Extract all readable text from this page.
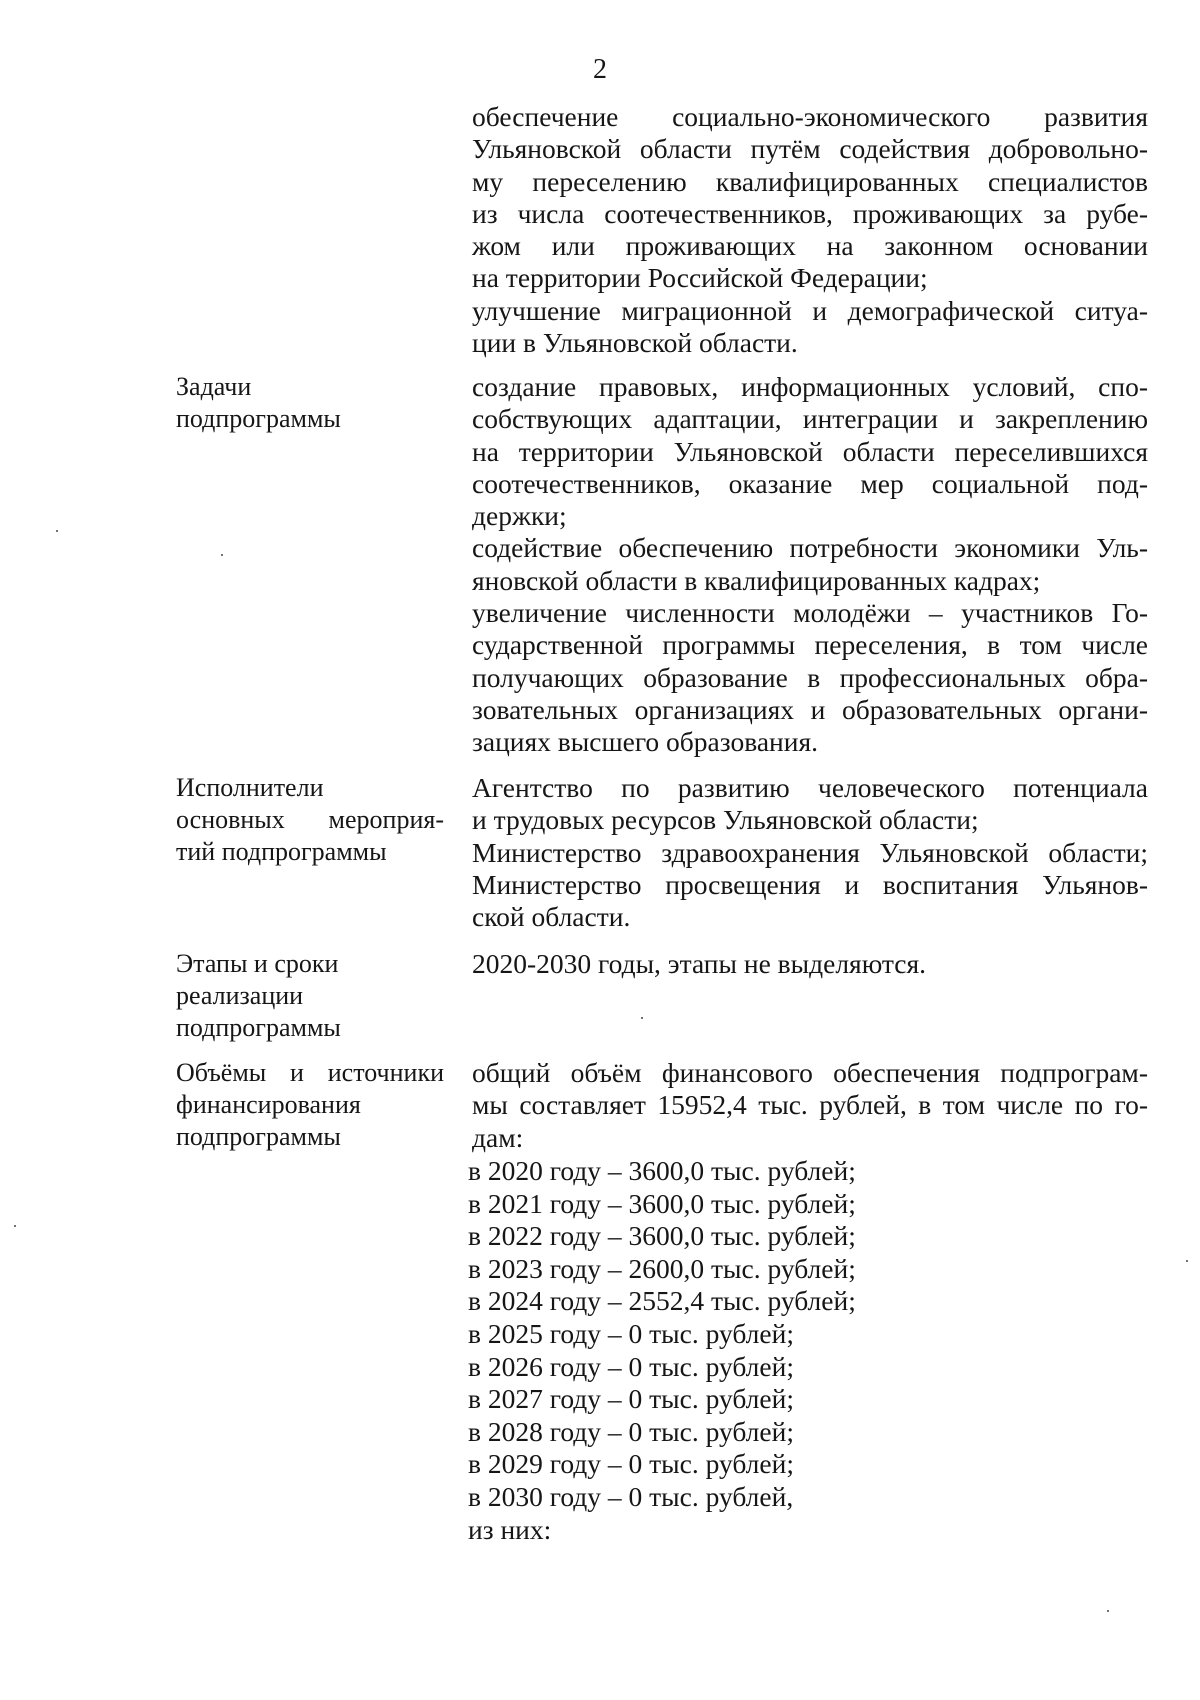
2

обеспечение социально-экономического развития

Ульяновской области путём содействия добровольно-

му переселению квалифицированных специалистов

из числа соотечественников, проживающих за рубе-

жом или проживающих на законном основании

на территории Российской Федерации;

улучшение миграционной и демографической ситуа-

ции в Ульяновской области.

Задачи

подпрограммы

создание правовых, информационных условий, спо-

собствующих адаптации, интеграции и закреплению

на территории Ульяновской области переселившихся

соотечественников, оказание мер социальной под-

держки;

содействие обеспечению потребности экономики Уль-

яновской области в квалифицированных кадрах;

увеличение численности молодёжи – участников Го-

сударственной программы переселения, в том числе

получающих образование в профессиональных обра-

зовательных организациях и образовательных органи-

зациях высшего образования.

Исполнители

основных мероприя-

тий подпрограммы

Агентство по развитию человеческого потенциала

и трудовых ресурсов Ульяновской области;

Министерство здравоохранения Ульяновской области;

Министерство просвещения и воспитания Ульянов-

ской области.

Этапы и сроки

реализации

подпрограммы

2020-2030 годы, этапы не выделяются.

Объёмы и источники

финансирования

подпрограммы

общий объём финансового обеспечения подпрограм-

мы составляет 15952,4 тыс. рублей, в том числе по го-

дам:

в 2020 году – 3600,0 тыс. рублей;

в 2021 году – 3600,0 тыс. рублей;

в 2022 году – 3600,0 тыс. рублей;

в 2023 году – 2600,0 тыс. рублей;

в 2024 году – 2552,4 тыс. рублей;

в 2025 году – 0 тыс. рублей;

в 2026 году – 0 тыс. рублей;

в 2027 году – 0 тыс. рублей;

в 2028 году – 0 тыс. рублей;

в 2029 году – 0 тыс. рублей;

в 2030 году – 0 тыс. рублей,

из них:
